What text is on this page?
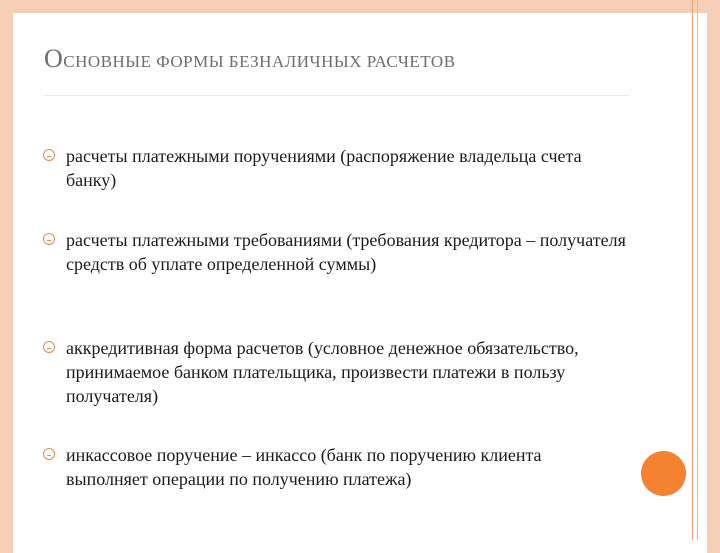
ОСНОВНЫЕ ФОРМЫ БЕЗНАЛИЧНЫХ РАСЧЕТОВ
расчеты платежными поручениями (распоряжение владельца счета банку)
расчеты платежными требованиями (требования кредитора – получателя средств об уплате определенной суммы)
аккредитивная форма расчетов (условное денежное обязательство, принимаемое банком плательщика, произвести платежи в пользу получателя)
инкассовое поручение – инкассо (банк по поручению клиента выполняет операции по получению платежа)
